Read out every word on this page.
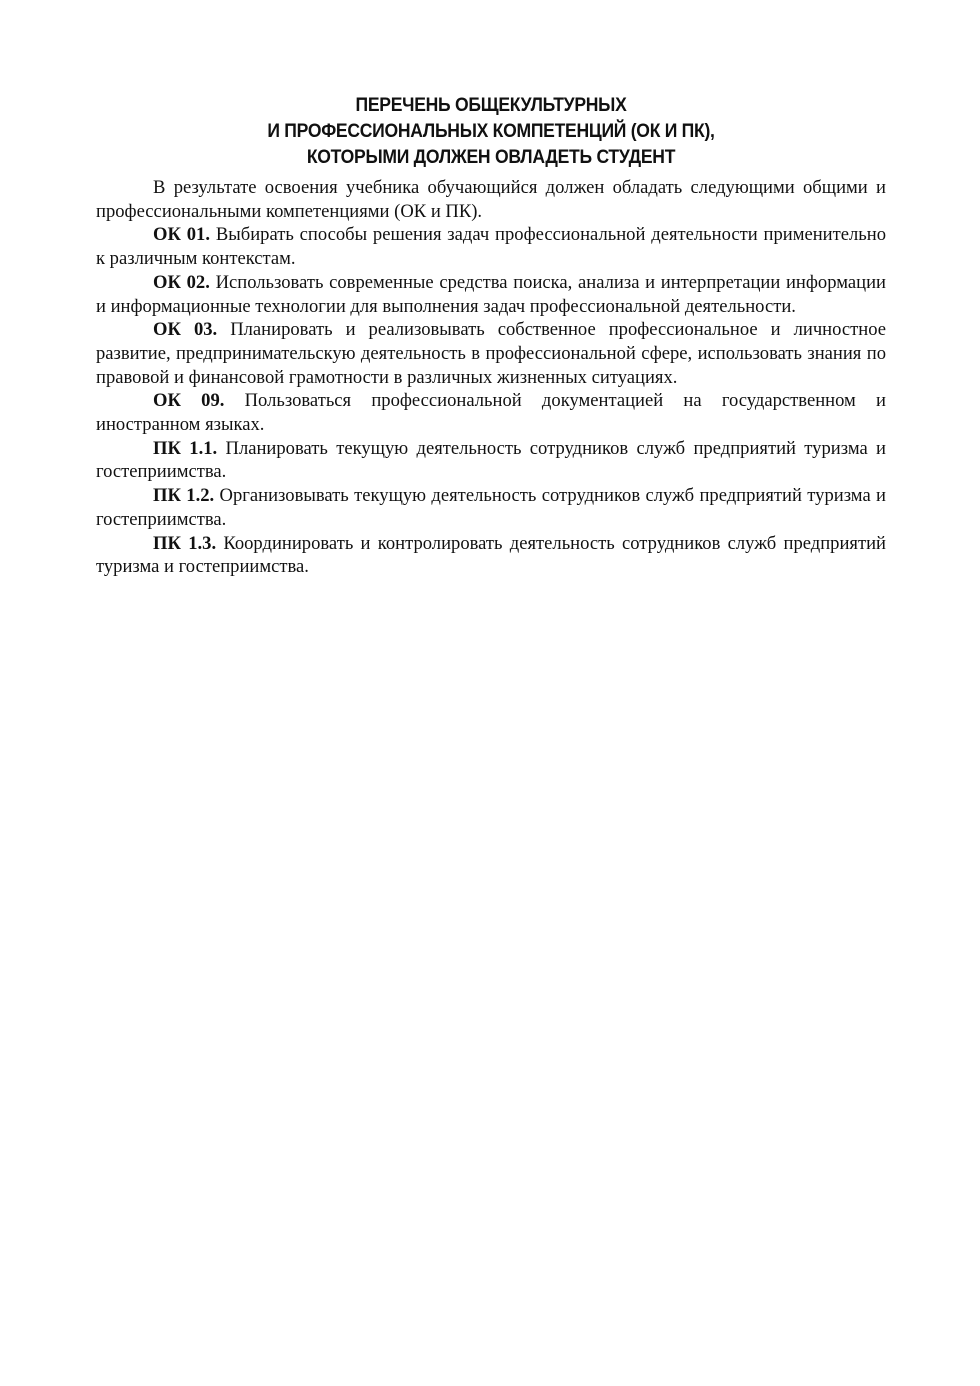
ПЕРЕЧЕНЬ ОБЩЕКУЛЬТУРНЫХ
И ПРОФЕССИОНАЛЬНЫХ КОМПЕТЕНЦИЙ (ОК И ПК),
КОТОРЫМИ ДОЛЖЕН ОВЛАДЕТЬ СТУДЕНТ

В результате освоения учебника обучающийся должен обладать следующими общими и профессиональными компетенциями (ОК и ПК).

ОК 01. Выбирать способы решения задач профессиональной деятельности применительно к различным контекстам.

ОК 02. Использовать современные средства поиска, анализа и интерпретации информации и информационные технологии для выполнения задач профессиональной деятельности.

ОК 03. Планировать и реализовывать собственное профессиональное и личностное развитие, предпринимательскую деятельность в профессиональной сфере, использовать знания по правовой и финансовой грамотности в различных жизненных ситуациях.

ОК 09. Пользоваться профессиональной документацией на государственном и иностранном языках.

ПК 1.1. Планировать текущую деятельность сотрудников служб предприятий туризма и гостеприимства.

ПК 1.2. Организовывать текущую деятельность сотрудников служб предприятий туризма и гостеприимства.

ПК 1.3. Координировать и контролировать деятельность сотрудников служб предприятий туризма и гостеприимства.
